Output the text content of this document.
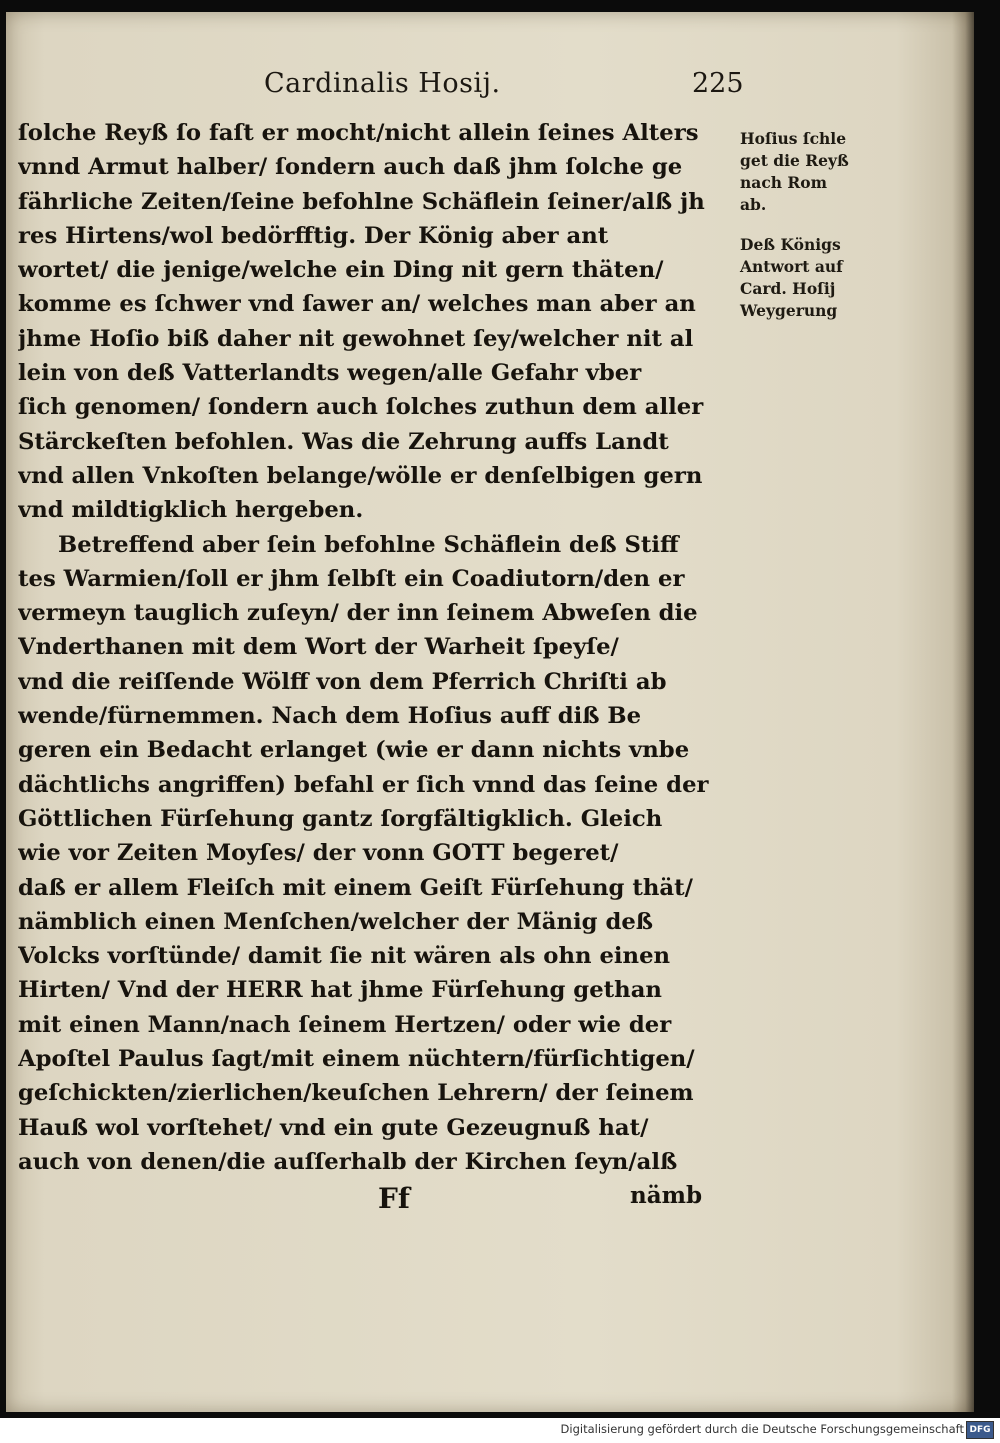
Cardinalis Hosij.	225
ſolche Reyß ſo faſt er mocht/nicht allein ſeines Alters
vnnd Armut halber/ ſondern auch daß jhm ſolche ge
fährliche Zeiten/ſeine befohlne Schäflein ſeiner/alß jh
res Hirtens/wol bedörfftig. Der König aber ant
wortet/ die jenige/welche ein Ding nit gern thäten/
komme es ſchwer vnd ſawer an/ welches man aber an
jhme Hoſio biß daher nit gewohnet ſey/welcher nit al
lein von deß Vatterlandts wegen/alle Gefahr vber
ſich genomen/ ſondern auch ſolches zuthun dem aller
Stärckeſten befohlen. Was die Zehrung auffs Landt
vnd allen Vnkoſten belange/wölle er denſelbigen gern
vnd mildtigklich hergeben.
Betreffend aber ſein befohlne Schäflein deß Stiff
tes Warmien/ſoll er jhm ſelbſt ein Coadiutorn/den er
vermeyn tauglich zuſeyn/ der inn ſeinem Abweſen die
Vnderthanen mit dem Wort der Warheit ſpeyſe/
vnd die reiſſende Wölff von dem Pferrich Chriſti ab
wende/fürnemmen. Nach dem Hoſius auff diß Be
geren ein Bedacht erlanget (wie er dann nichts vnbe
dächtlichs angriffen) befahl er ſich vnnd das ſeine der
Göttlichen Fürſehung gantz ſorgfältigklich. Gleich
wie vor Zeiten Moyſes/ der vonn GOTT begeret/
daß er allem Fleiſch mit einem Geiſt Fürſehung thät/
nämblich einen Menſchen/welcher der Mänig deß
Volcks vorſtünde/ damit ſie nit wären als ohn einen
Hirten/ Vnd der HERR hat jhme Fürſehung gethan
mit einen Mann/nach ſeinem Hertzen/ oder wie der
Apoſtel Paulus ſagt/mit einem nüchtern/fürſichtigen/
geſchickten/zierlichen/keuſchen Lehrern/ der ſeinem
Hauß wol vorſtehet/ vnd ein gute Gezeugnuß hat/
auch von denen/die auſſerhalb der Kirchen ſeyn/alß
Ff	nämb
Hoſius ſchle
get die Reyß
nach Rom
ab.
Deß Königs
Antwort auf
Card. Hoſij
Weygerung
Digitalisierung gefördert durch die Deutsche Forschungsgemeinschaft DFG
